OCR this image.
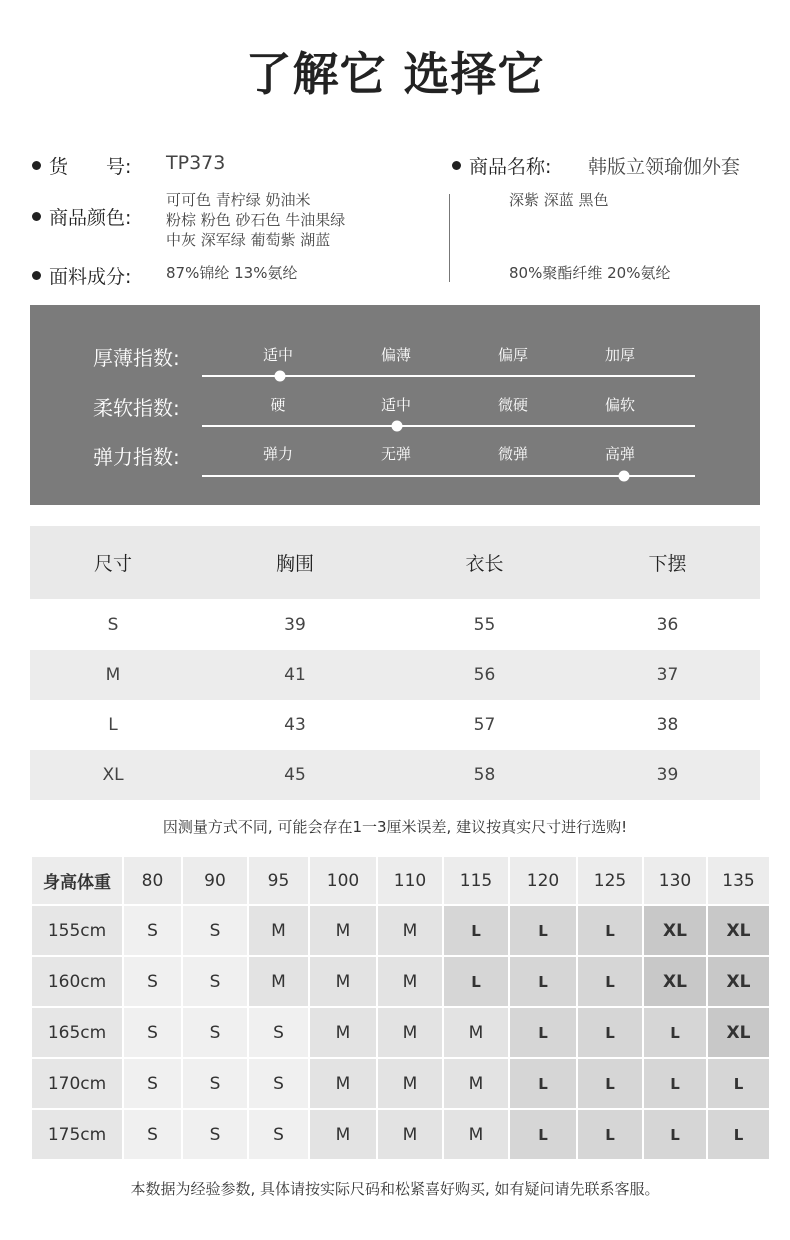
了解它 选择它
货　　号: TP373	商品名称: 韩版立领瑜伽外套
商品颜色:
可可色 青柠绿 奶油米
粉棕 粉色 砂石色 牛油果绿
中灰 深军绿 葡萄紫 湖蓝
深紫 深蓝 黑色
面料成分: 87%锦纶 13%氨纶	80%聚酯纤维 20%氨纶
厚薄指数:	适中	偏薄	偏厚	加厚
柔软指数:	硬	适中	微硬	偏软
弹力指数:	弹力	无弹	微弹	高弹
尺寸	胸围	衣长	下摆
S	39	55	36
M	41	56	37
L	43	57	38
XL	45	58	39
因测量方式不同, 可能会存在1一3厘米误差, 建议按真实尺寸进行选购!
身高体重	80	90	95	100	110	115	120	125	130	135
155cm	S	S	M	M	M	L	L	L	XL	XL
160cm	S	S	M	M	M	L	L	L	XL	XL
165cm	S	S	S	M	M	M	L	L	L	XL
170cm	S	S	S	M	M	M	L	L	L	L
175cm	S	S	S	M	M	M	L	L	L	L
本数据为经验参数, 具体请按实际尺码和松紧喜好购买, 如有疑问请先联系客服。
